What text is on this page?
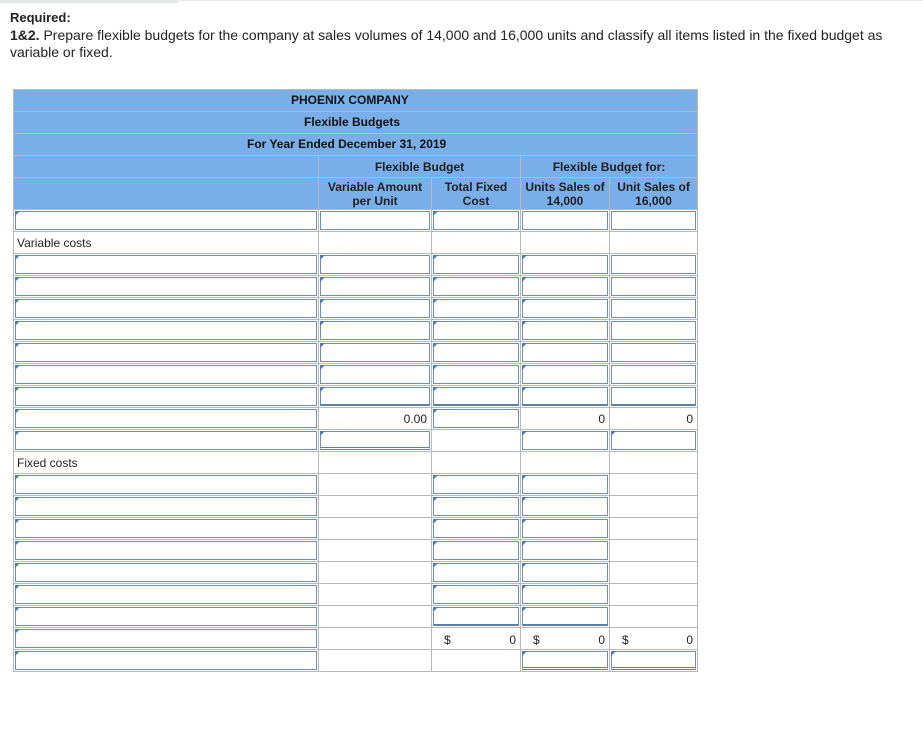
Required:
1&2. Prepare flexible budgets for the company at sales volumes of 14,000 and 16,000 units and classify all items listed in the fixed budget as variable or fixed.
PHOENIX COMPANY				

Flexible Budgets				

For Year Ended December 31, 2019				

	Flexible Budget		Flexible Budget for:	
	Variable Amount per Unit	Total Fixed Cost	Units Sales of 14,000	Unit Sales of 16,000

Variable costs				

	0.00		0	0

Fixed costs				

		$ 0	$ 0	$ 0
